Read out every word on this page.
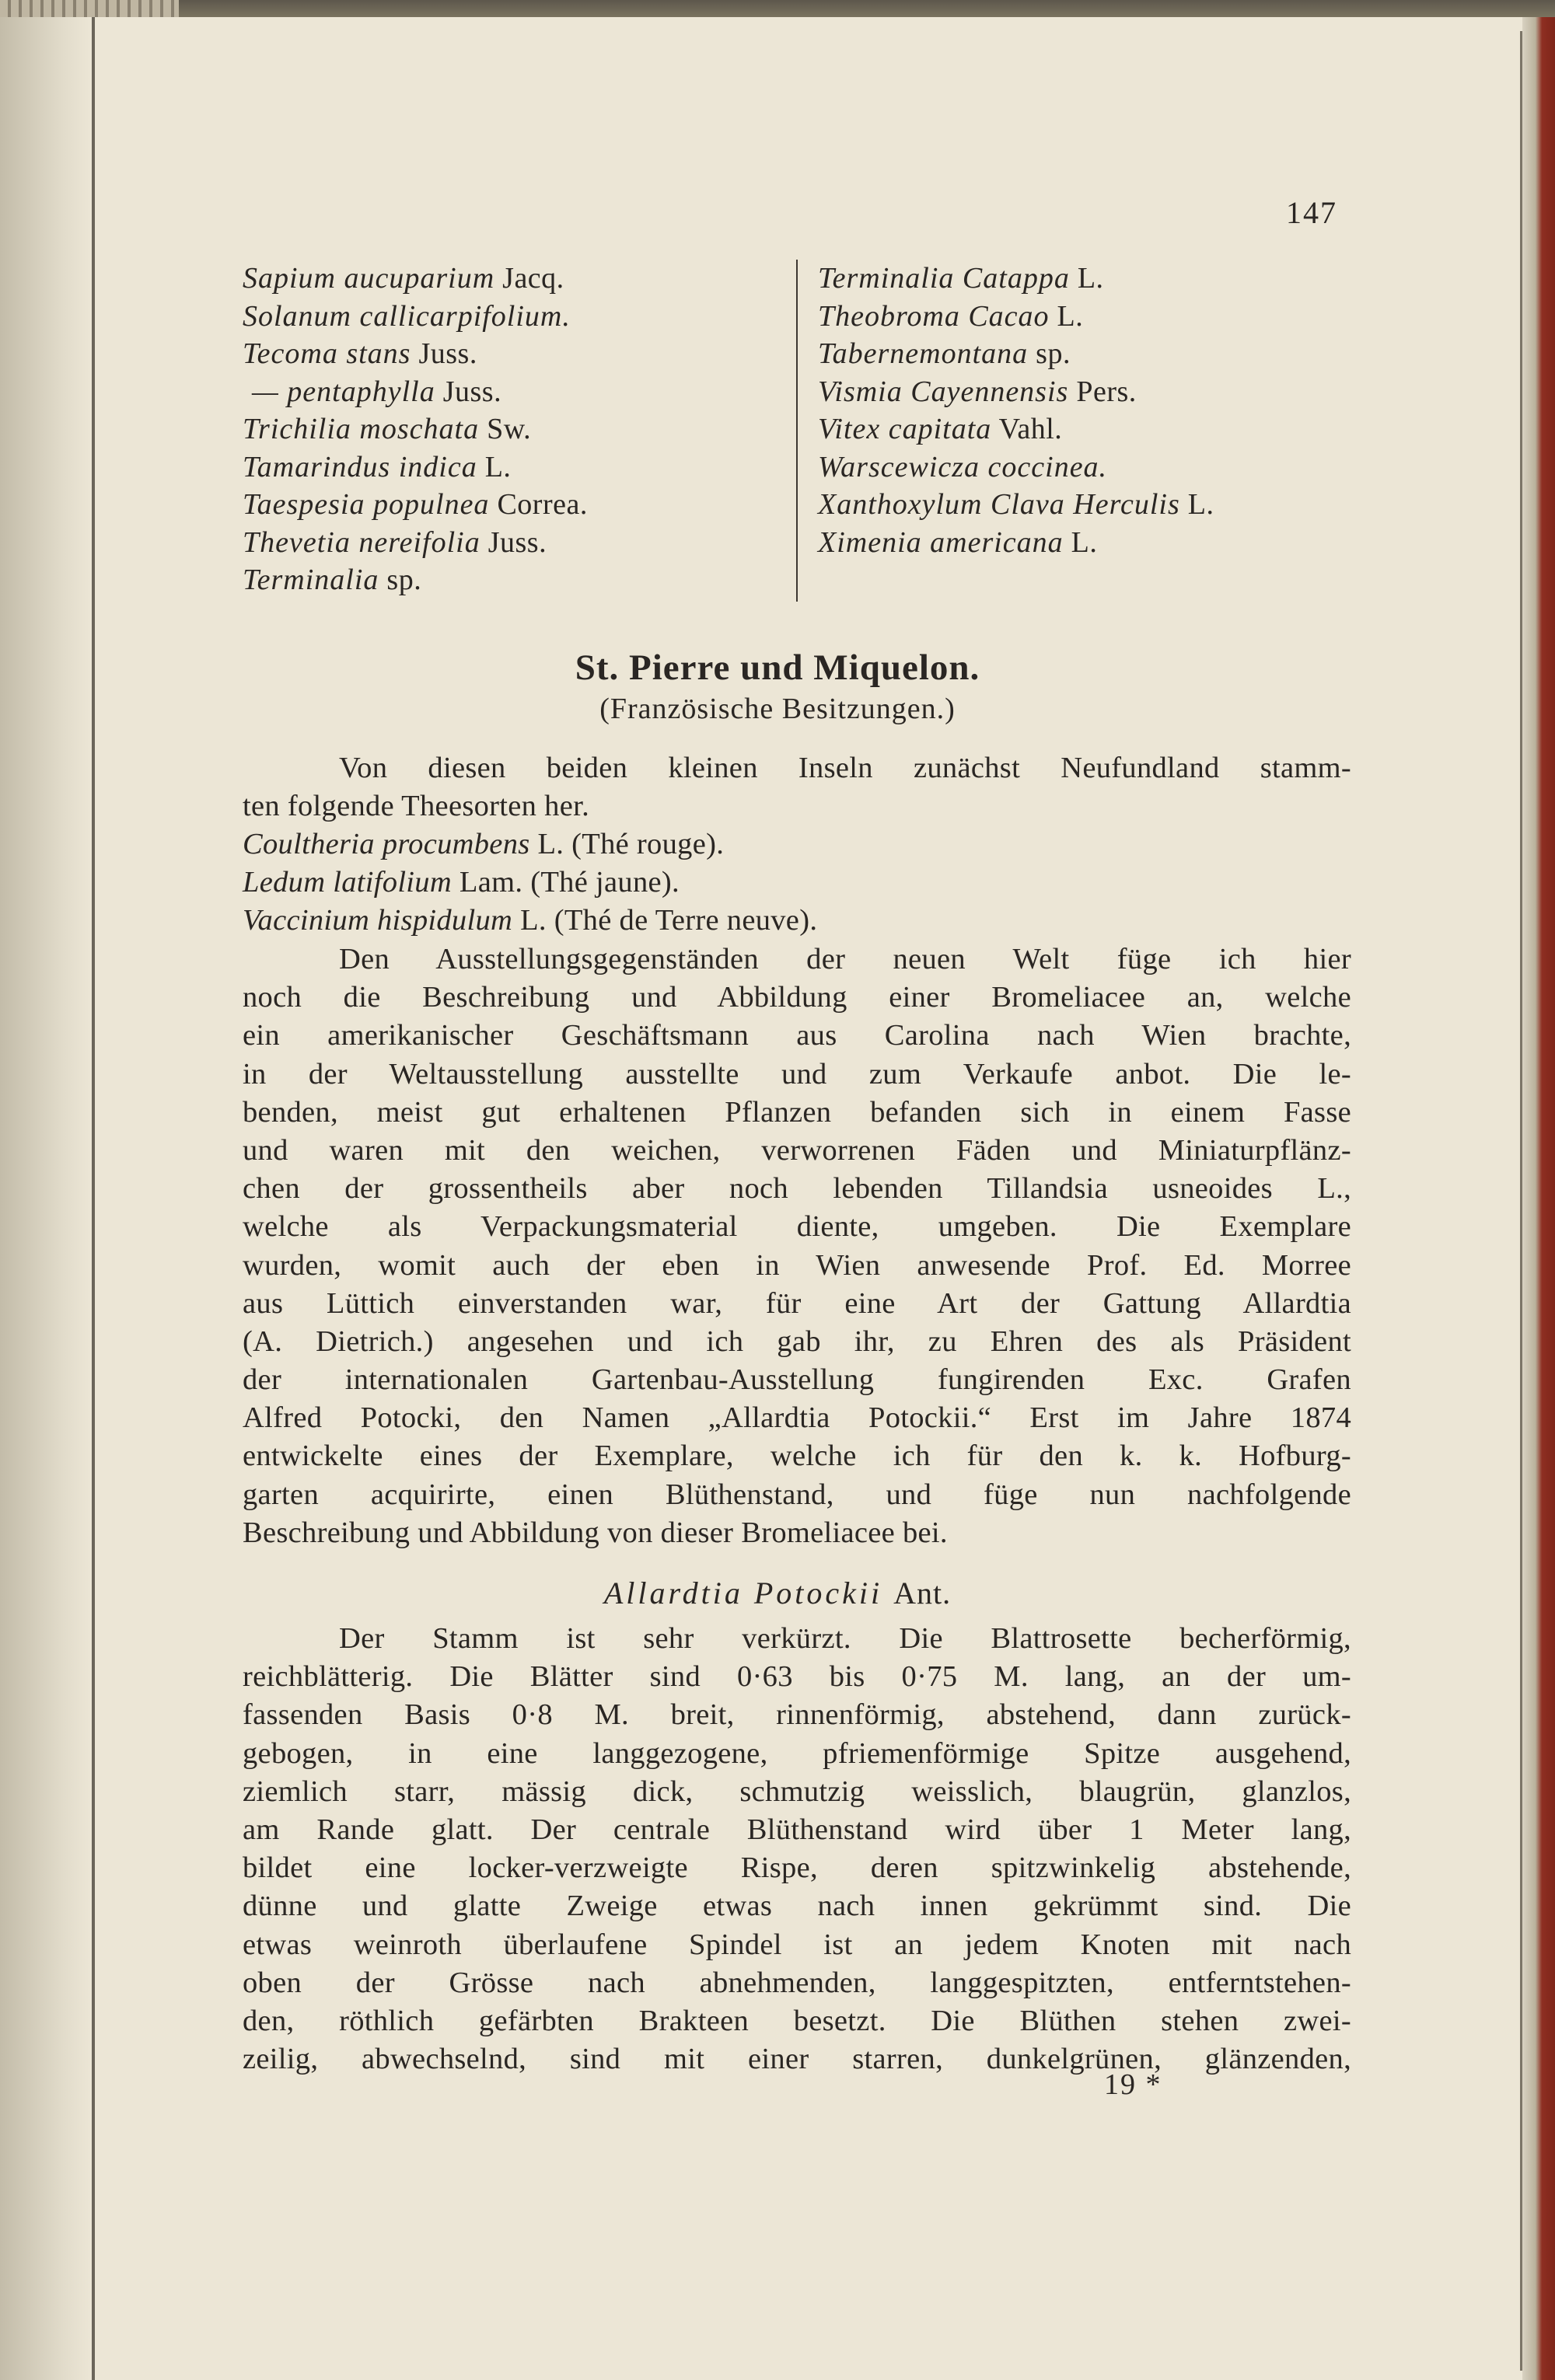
147
Sapium aucuparium Jacq.
Solanum callicarpifolium.
Tecoma stans Juss.
— pentaphylla Juss.
Trichilia moschata Sw.
Tamarindus indica L.
Taespesia populnea Correa.
Thevetia nereifolia Juss.
Terminalia sp.
Terminalia Catappa L.
Theobroma Cacao L.
Tabernemontana sp.
Vismia Cayennensis Pers.
Vitex capitata Vahl.
Warscewicza coccinea.
Xanthoxylum Clava Herculis L.
Ximenia americana L.
St. Pierre und Miquelon.
(Französische Besitzungen.)
Von diesen beiden kleinen Inseln zunächst Neufundland stamm-
ten folgende Theesorten her.
Coultheria procumbens L. (Thé rouge).
Ledum latifolium Lam. (Thé jaune).
Vaccinium hispidulum L. (Thé de Terre neuve).
Den Ausstellungsgegenständen der neuen Welt füge ich hier
noch die Beschreibung und Abbildung einer Bromeliacee an, welche
ein amerikanischer Geschäftsmann aus Carolina nach Wien brachte,
in der Weltausstellung ausstellte und zum Verkaufe anbot. Die le-
benden, meist gut erhaltenen Pflanzen befanden sich in einem Fasse
und waren mit den weichen, verworrenen Fäden und Miniaturpflänz-
chen der grossentheils aber noch lebenden Tillandsia usneoides L.,
welche als Verpackungsmaterial diente, umgeben. Die Exemplare
wurden, womit auch der eben in Wien anwesende Prof. Ed. Morree
aus Lüttich einverstanden war, für eine Art der Gattung Allardtia
(A. Dietrich.) angesehen und ich gab ihr, zu Ehren des als Präsident
der internationalen Gartenbau-Ausstellung fungirenden Exc. Grafen
Alfred Potocki, den Namen „Allardtia Potockii.“ Erst im Jahre 1874
entwickelte eines der Exemplare, welche ich für den k. k. Hofburg-
garten acquirirte, einen Blüthenstand, und füge nun nachfolgende
Beschreibung und Abbildung von dieser Bromeliacee bei.
Allardtia Potockii Ant.
Der Stamm ist sehr verkürzt. Die Blattrosette becherförmig,
reichblätterig. Die Blätter sind 0·63 bis 0·75 M. lang, an der um-
fassenden Basis 0·8 M. breit, rinnenförmig, abstehend, dann zurück-
gebogen, in eine langgezogene, pfriemenförmige Spitze ausgehend,
ziemlich starr, mässig dick, schmutzig weisslich, blaugrün, glanzlos,
am Rande glatt. Der centrale Blüthenstand wird über 1 Meter lang,
bildet eine locker-verzweigte Rispe, deren spitzwinkelig abstehende,
dünne und glatte Zweige etwas nach innen gekrümmt sind. Die
etwas weinroth überlaufene Spindel ist an jedem Knoten mit nach
oben der Grösse nach abnehmenden, langgespitzten, entferntstehen-
den, röthlich gefärbten Brakteen besetzt. Die Blüthen stehen zwei-
zeilig, abwechselnd, sind mit einer starren, dunkelgrünen, glänzenden,
19 *
